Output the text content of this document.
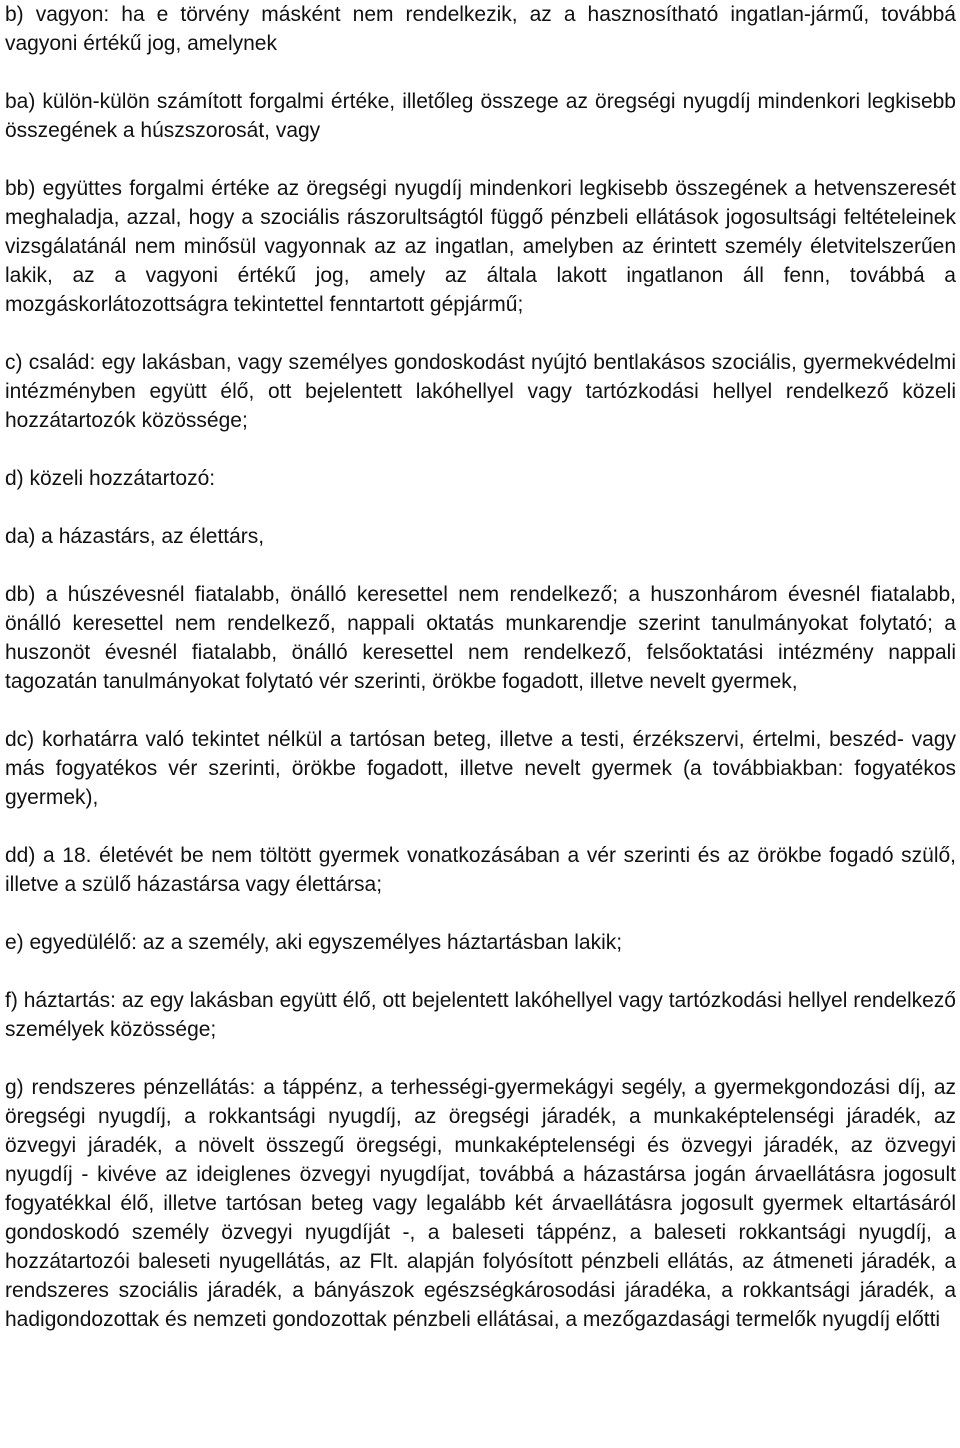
b) vagyon: ha e törvény másként nem rendelkezik, az a hasznosítható ingatlan-jármű, továbbá vagyoni értékű jog, amelynek

ba) külön-külön számított forgalmi értéke, illetőleg összege az öregségi nyugdíj mindenkori legkisebb összegének a húszszorosát, vagy

bb) együttes forgalmi értéke az öregségi nyugdíj mindenkori legkisebb összegének a hetvenszeresét meghaladja, azzal, hogy a szociális rászorultságtól függő pénzbeli ellátások jogosultsági feltételeinek vizsgálatánál nem minősül vagyonnak az az ingatlan, amelyben az érintett személy életvitelszerűen lakik, az a vagyoni értékű jog, amely az általa lakott ingatlanon áll fenn, továbbá a mozgáskorlátozottságra tekintettel fenntartott gépjármű;

c) család: egy lakásban, vagy személyes gondoskodást nyújtó bentlakásos szociális, gyermekvédelmi intézményben együtt élő, ott bejelentett lakóhellyel vagy tartózkodási hellyel rendelkező közeli hozzátartozók közössége;

d) közeli hozzátartozó:

da) a házastárs, az élettárs,

db) a húszévesnél fiatalabb, önálló keresettel nem rendelkező; a huszonhárom évesnél fiatalabb, önálló keresettel nem rendelkező, nappali oktatás munkarendje szerint tanulmányokat folytató; a huszonöt évesnél fiatalabb, önálló keresettel nem rendelkező, felsőoktatási intézmény nappali tagozatán tanulmányokat folytató vér szerinti, örökbe fogadott, illetve nevelt gyermek,

dc) korhatárra való tekintet nélkül a tartósan beteg, illetve a testi, érzékszervi, értelmi, beszéd- vagy más fogyatékos vér szerinti, örökbe fogadott, illetve nevelt gyermek (a továbbiakban: fogyatékos gyermek),

dd) a 18. életévét be nem töltött gyermek vonatkozásában a vér szerinti és az örökbe fogadó szülő, illetve a szülő házastársa vagy élettársa;

e) egyedülélő: az a személy, aki egyszemélyes háztartásban lakik;

f) háztartás: az egy lakásban együtt élő, ott bejelentett lakóhellyel vagy tartózkodási hellyel rendelkező személyek közössége;

g) rendszeres pénzellátás: a táppénz, a terhességi-gyermekágyi segély, a gyermekgondozási díj, az öregségi nyugdíj, a rokkantsági nyugdíj, az öregségi járadék, a munkaképtelenségi járadék, az özvegyi járadék, a növelt összegű öregségi, munkaképtelenségi és özvegyi járadék, az özvegyi nyugdíj - kivéve az ideiglenes özvegyi nyugdíjat, továbbá a házastársa jogán árvaellátásra jogosult fogyatékkal élő, illetve tartósan beteg vagy legalább két árvaellátásra jogosult gyermek eltartásáról gondoskodó személy özvegyi nyugdíját -, a baleseti táppénz, a baleseti rokkantsági nyugdíj, a hozzátartozói baleseti nyugellátás, az Flt. alapján folyósított pénzbeli ellátás, az átmeneti járadék, a rendszeres szociális járadék, a bányászok egészségkárosodási járadéka, a rokkantsági járadék, a hadigondozottak és nemzeti gondozottak pénzbeli ellátásai, a mezőgazdasági termelők nyugdíj előtti
